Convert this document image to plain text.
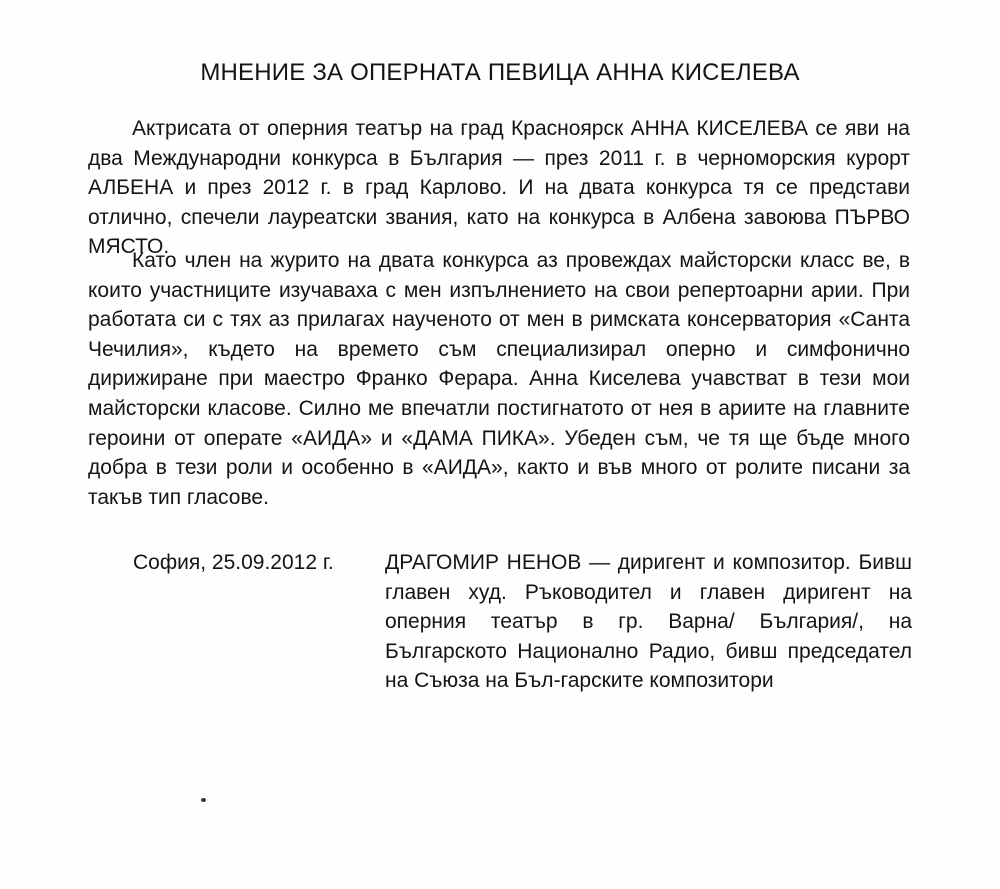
МНЕНИЕ ЗА ОПЕРНАТА ПЕВИЦА АННА КИСЕЛЕВА

Актрисата от оперния театър на град Красноярск АННА КИСЕЛЕВА се яви на два Международни конкурса в България — през 2011 г. в черноморския курорт АЛБЕНА и през 2012 г. в град Карлово. И на двата конкурса тя се представи отлично, спечели лауреатски звания, като на конкурса в Албена завоюва ПЪРВО МЯСТО.

Като член на журито на двата конкурса аз провеждах майсторски класс ве, в които участниците изучаваха с мен изпълнението на свои репертоарни арии. При работата си с тях аз прилагах наученото от мен в римската консерватория «Санта Чечилия», където на времето съм специализирал оперно и симфонично дирижиране при маестро Франко Ферара. Анна Киселева учавстват в тези мои майсторски класове. Силно ме впечатли постигнатото от нея в ариите на главните героини от операте «АИДА» и «ДАМА ПИКА». Убеден съм, че тя ще бъде много добра в тези роли и особенно в «АИДА», както и във много от ролите писани за такъв тип гласове.

София, 25.09.2012 г. ДРАГОМИР НЕНОВ — диригент и композитор. Бивш главен худ. Ръководител и главен диригент на оперния театър в гр. Варна/ България/, на Българското Национално Радио, бивш председател на Съюза на Бъл-гарските композитори
